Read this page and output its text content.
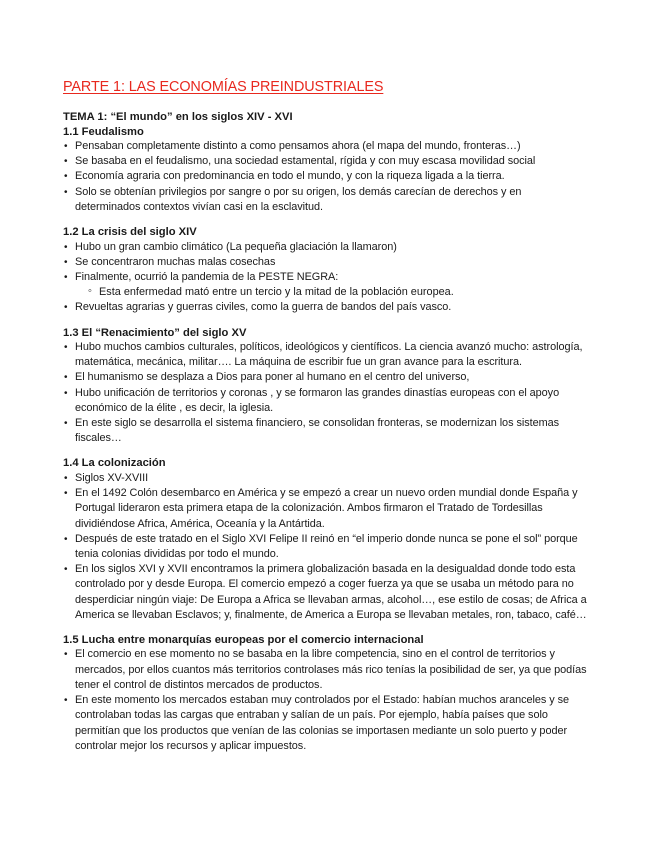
PARTE 1: LAS ECONOMÍAS PREINDUSTRIALES
TEMA 1: “El mundo” en los siglos XIV - XVI
1.1 Feudalismo
• Pensaban completamente distinto a como pensamos ahora (el mapa del mundo, fronteras…)
• Se basaba en el feudalismo, una sociedad estamental, rígida y con muy escasa movilidad social
• Economía agraria con predominancia en todo el mundo, y con la riqueza ligada a la tierra.
• Solo se obtenían privilegios por sangre o por su origen, los demás carecían de derechos y en determinados contextos vivían casi en la esclavitud.
1.2 La crisis del siglo XIV
• Hubo un gran cambio climático (La pequeña glaciación la llamaron)
• Se concentraron muchas malas cosechas
• Finalmente, ocurrió la pandemia de la PESTE NEGRA:
◦ Esta enfermedad mató entre un tercio y la mitad de la población europea.
• Revueltas agrarias y guerras civiles, como la guerra de bandos del país vasco.
1.3 El “Renacimiento” del siglo XV
• Hubo muchos cambios culturales, políticos, ideológicos y científicos. La ciencia avanzó mucho: astrología, matemática, mecánica, militar…. La máquina de escribir fue un gran avance para la escritura.
• El humanismo se desplaza a Dios para poner al humano en el centro del universo,
• Hubo unificación de territorios y coronas , y se formaron las grandes dinastías europeas con el apoyo económico de la élite , es decir, la iglesia.
• En este siglo se desarrolla el sistema financiero, se consolidan fronteras, se modernizan los sistemas fiscales…
1.4 La colonización
• Siglos XV-XVIII
• En el 1492 Colón desembarco en América y se empezó a crear un nuevo orden mundial donde España y Portugal lideraron esta primera etapa de la colonización. Ambos firmaron el Tratado de Tordesillas dividiéndose Africa, América, Oceanía y la Antártida.
• Después de este tratado en el Siglo XVI Felipe II reinó en “el imperio donde nunca se pone el sol” porque tenia colonias divididas por todo el mundo.
• En los siglos XVI y XVII encontramos la primera globalización basada en la desigualdad donde todo esta controlado por y desde Europa. El comercio empezó a coger fuerza ya que se usaba un método para no desperdiciar ningún viaje: De Europa a Africa se llevaban armas, alcohol…, ese estilo de cosas; de Africa a America se llevaban Esclavos; y, finalmente, de America a Europa se llevaban metales, ron, tabaco, café…
1.5 Lucha entre monarquías europeas por el comercio internacional
• El comercio en ese momento no se basaba en la libre competencia, sino en el control de territorios y mercados, por ellos cuantos más territorios controlases más rico tenías la posibilidad de ser, ya que podías tener el control de distintos mercados de productos.
• En este momento los mercados estaban muy controlados por el Estado: habían muchos aranceles y se controlaban todas las cargas que entraban y salían de un país. Por ejemplo, había países que solo permitían que los productos que venían de las colonias se importasen mediante un solo puerto y poder controlar mejor los recursos y aplicar impuestos.
